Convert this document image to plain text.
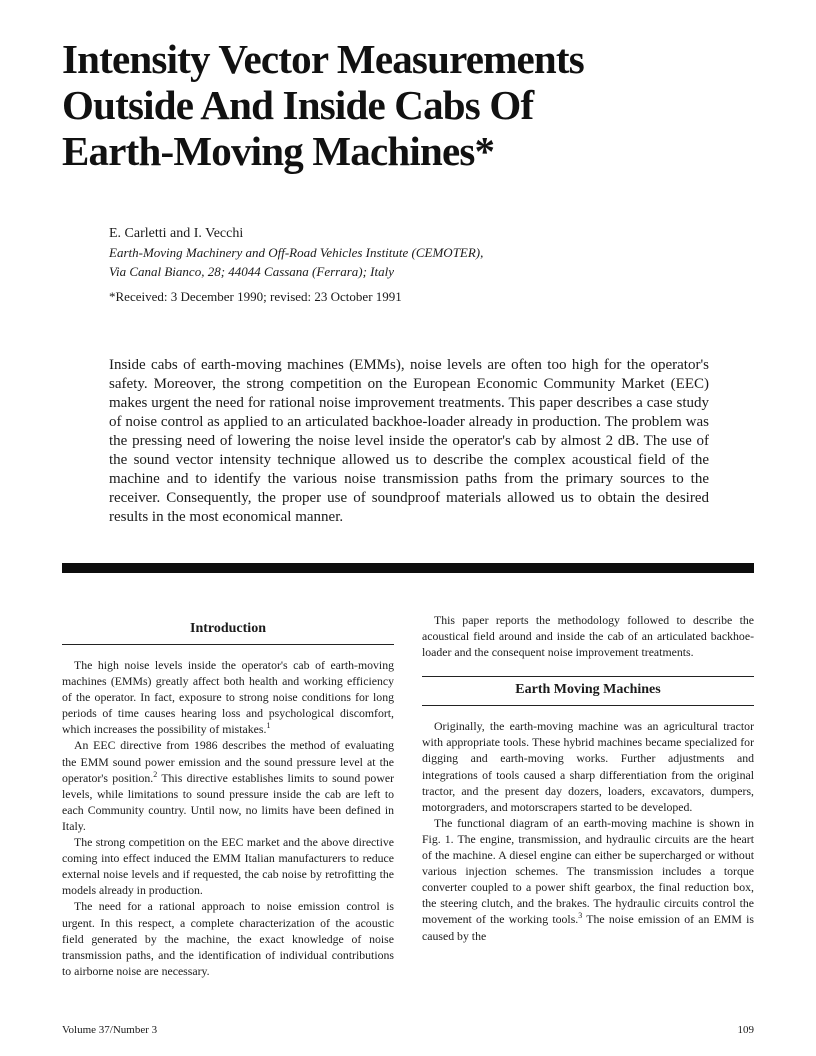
Intensity Vector Measurements
Outside And Inside Cabs Of
Earth-Moving Machines*
E. Carletti and I. Vecchi
Earth-Moving Machinery and Off-Road Vehicles Institute (CEMOTER),
Via Canal Bianco, 28; 44044 Cassana (Ferrara); Italy
*Received: 3 December 1990; revised: 23 October 1991
Inside cabs of earth-moving machines (EMMs), noise levels are often too high for the operator's safety. Moreover, the strong competition on the European Economic Community Market (EEC) makes urgent the need for rational noise improvement treatments. This paper describes a case study of noise control as applied to an articulated backhoe-loader already in production. The problem was the pressing need of lowering the noise level inside the operator's cab by almost 2 dB. The use of the sound vector intensity technique allowed us to describe the complex acoustical field of the machine and to identify the various noise transmission paths from the primary sources to the receiver. Consequently, the proper use of soundproof materials allowed us to obtain the desired results in the most economical manner.
Introduction

The high noise levels inside the operator's cab of earth-moving machines (EMMs) greatly affect both health and working efficiency of the operator. In fact, exposure to strong noise conditions for long periods of time causes hearing loss and psychological discomfort, which increases the possibility of mistakes.$^1$

An EEC directive from 1986 describes the method of evaluating the EMM sound power emission and the sound pressure level at the operator's position.$^2$ This directive establishes limits to sound power levels, while limitations to sound pressure inside the cab are left to each Community country. Until now, no limits have been defined in Italy.

The strong competition on the EEC market and the above directive coming into effect induced the EMM Italian manufacturers to reduce external noise levels and if requested, the cab noise by retrofitting the models already in production.

The need for a rational approach to noise emission control is urgent. In this respect, a complete characterization of the acoustic field generated by the machine, the exact knowledge of noise transmission paths, and the identification of individual contributions to airborne noise are necessary.

This paper reports the methodology followed to describe the acoustical field around and inside the cab of an articulated backhoe-loader and the consequent noise improvement treatments.

Earth Moving Machines

Originally, the earth-moving machine was an agricultural tractor with appropriate tools. These hybrid machines became specialized for digging and earth-moving works. Further adjustments and integrations of tools caused a sharp differentiation from the original tractor, and the present day dozers, loaders, excavators, dumpers, motorgraders, and motorscrapers started to be developed.

The functional diagram of an earth-moving machine is shown in Fig. 1. The engine, transmission, and hydraulic circuits are the heart of the machine. A diesel engine can either be supercharged or without various injection schemes. The transmission includes a torque converter coupled to a power shift gearbox, the final reduction box, the steering clutch, and the brakes. The hydraulic circuits control the movement of the working tools.$^3$ The noise emission of an EMM is caused by the

Volume 37/Number 3	109
